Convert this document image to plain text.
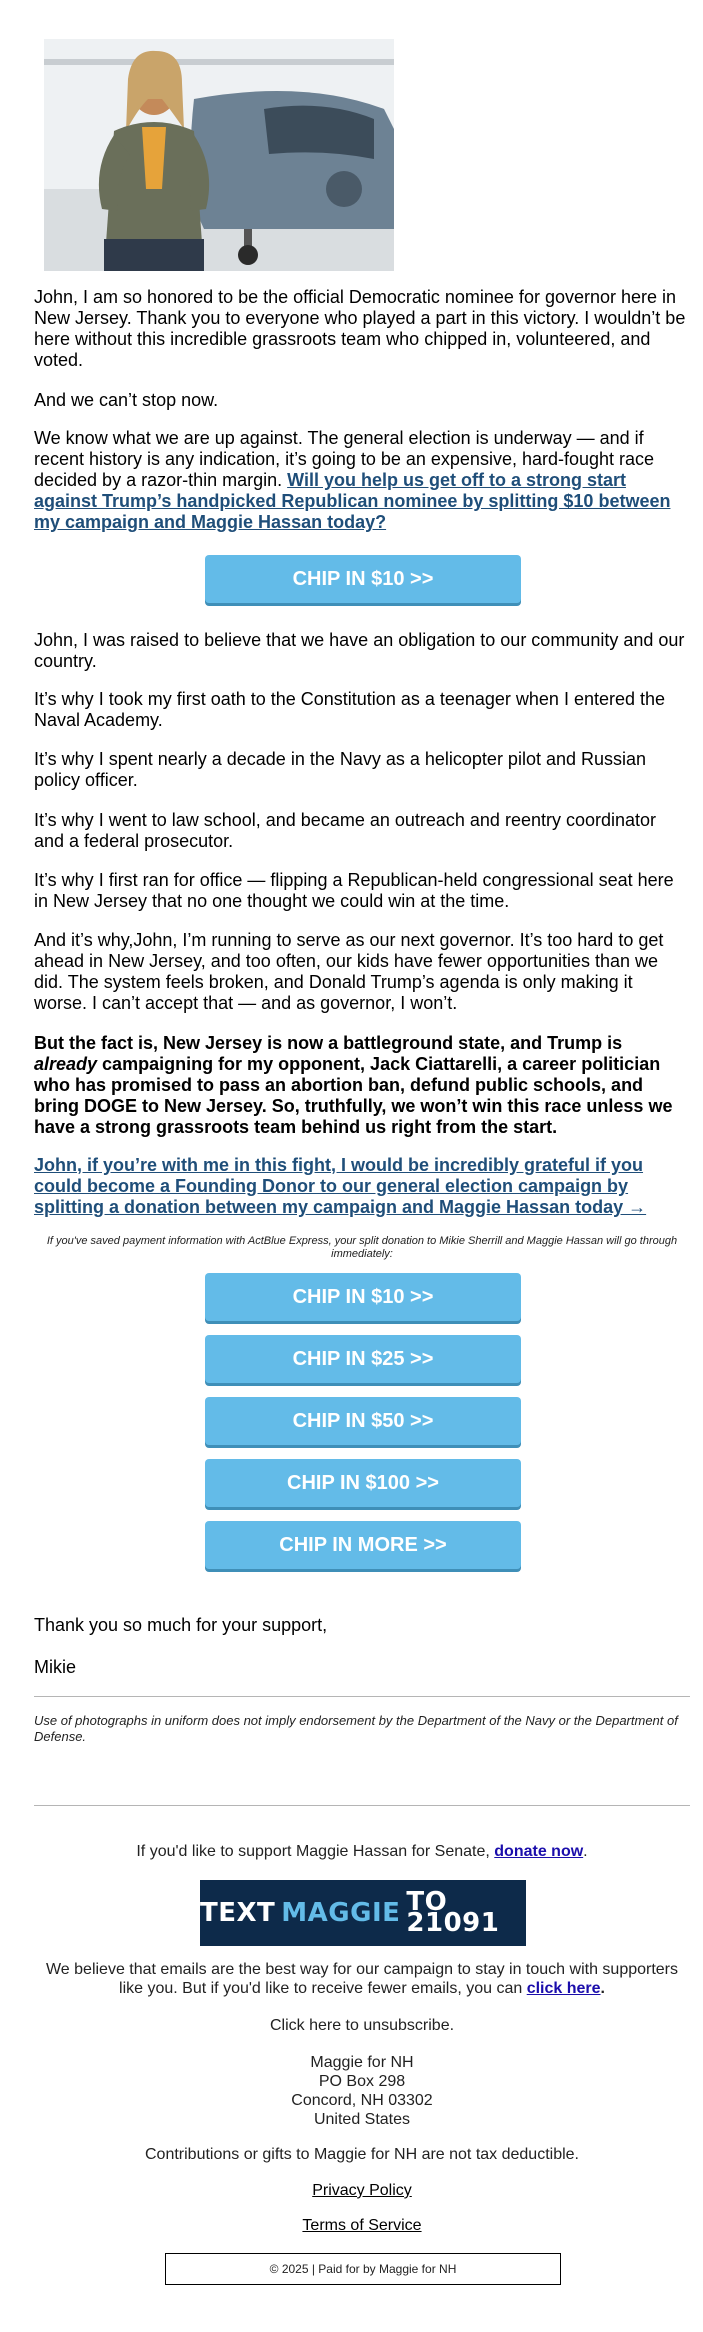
John, I am so honored to be the official Democratic nominee for governor here in New Jersey. Thank you to everyone who played a part in this victory. I wouldn’t be here without this incredible grassroots team who chipped in, volunteered, and voted.

And we can’t stop now.

We know what we are up against. The general election is underway — and if recent history is any indication, it’s going to be an expensive, hard-fought race decided by a razor-thin margin. Will you help us get off to a strong start against Trump’s handpicked Republican nominee by splitting $10 between my campaign and Maggie Hassan today?

CHIP IN $10 >>

John, I was raised to believe that we have an obligation to our community and our country.

It’s why I took my first oath to the Constitution as a teenager when I entered the Naval Academy.

It’s why I spent nearly a decade in the Navy as a helicopter pilot and Russian policy officer.

It’s why I went to law school, and became an outreach and reentry coordinator and a federal prosecutor.

It’s why I first ran for office — flipping a Republican-held congressional seat here in New Jersey that no one thought we could win at the time.

And it’s why,John, I’m running to serve as our next governor. It’s too hard to get ahead in New Jersey, and too often, our kids have fewer opportunities than we did. The system feels broken, and Donald Trump’s agenda is only making it worse. I can’t accept that — and as governor, I won’t.

But the fact is, New Jersey is now a battleground state, and Trump is already campaigning for my opponent, Jack Ciattarelli, a career politician who has promised to pass an abortion ban, defund public schools, and bring DOGE to New Jersey. So, truthfully, we won’t win this race unless we have a strong grassroots team behind us right from the start.

John, if you’re with me in this fight, I would be incredibly grateful if you could become a Founding Donor to our general election campaign by splitting a donation between my campaign and Maggie Hassan today →

If you've saved payment information with ActBlue Express, your split donation to Mikie Sherrill and Maggie Hassan will go through immediately:
CHIP IN $10 >>
CHIP IN $25 >>
CHIP IN $50 >>
CHIP IN $100 >>
CHIP IN MORE >>

Thank you so much for your support,

Mikie

Use of photographs in uniform does not imply endorsement by the Department of the Navy or the Department of Defense.
If you'd like to support Maggie Hassan for Senate, donate now.
TEXT MAGGIE TO 21091
We believe that emails are the best way for our campaign to stay in touch with supporters like you. But if you'd like to receive fewer emails, you can click here.
Click here to unsubscribe.
Maggie for NH
PO Box 298
Concord, NH 03302
United States
Contributions or gifts to Maggie for NH are not tax deductible.
Privacy Policy
Terms of Service
© 2025 | Paid for by Maggie for NH
